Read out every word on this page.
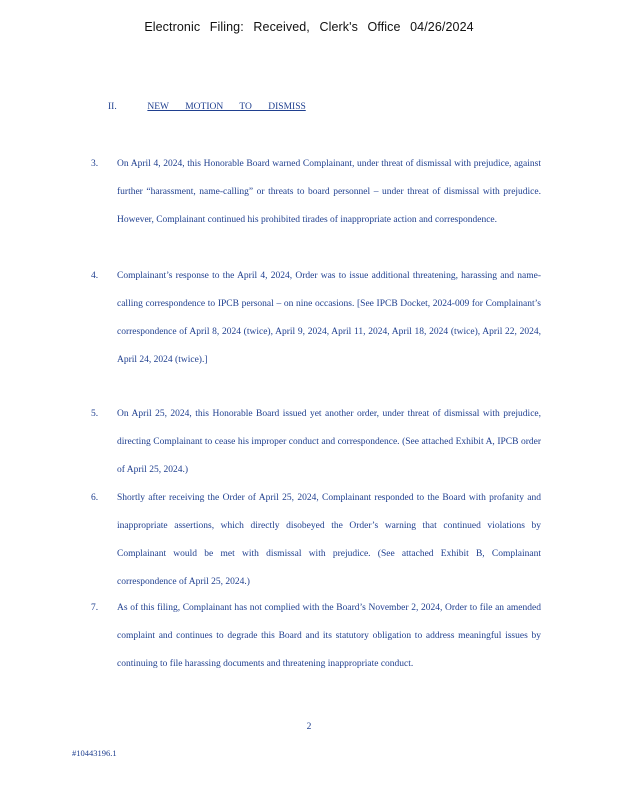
Electronic Filing: Received, Clerk's Office 04/26/2024
II.	NEW MOTION TO DISMISS
3. On April 4, 2024, this Honorable Board warned Complainant, under threat of dismissal with prejudice, against further “harassment, name-calling” or threats to board personnel – under threat of dismissal with prejudice. However, Complainant continued his prohibited tirades of inappropriate action and correspondence.
4. Complainant’s response to the April 4, 2024, Order was to issue additional threatening, harassing and name-calling correspondence to IPCB personal – on nine occasions. [See IPCB Docket, 2024-009 for Complainant’s correspondence of April 8, 2024 (twice), April 9, 2024, April 11, 2024, April 18, 2024 (twice), April 22, 2024, April 24, 2024 (twice).]
5. On April 25, 2024, this Honorable Board issued yet another order, under threat of dismissal with prejudice, directing Complainant to cease his improper conduct and correspondence. (See attached Exhibit A, IPCB order of April 25, 2024.)
6. Shortly after receiving the Order of April 25, 2024, Complainant responded to the Board with profanity and inappropriate assertions, which directly disobeyed the Order’s warning that continued violations by Complainant would be met with dismissal with prejudice. (See attached Exhibit B, Complainant correspondence of April 25, 2024.)
7. As of this filing, Complainant has not complied with the Board’s November 2, 2024, Order to file an amended complaint and continues to degrade this Board and its statutory obligation to address meaningful issues by continuing to file harassing documents and threatening inappropriate conduct.
2
#10443196.1
